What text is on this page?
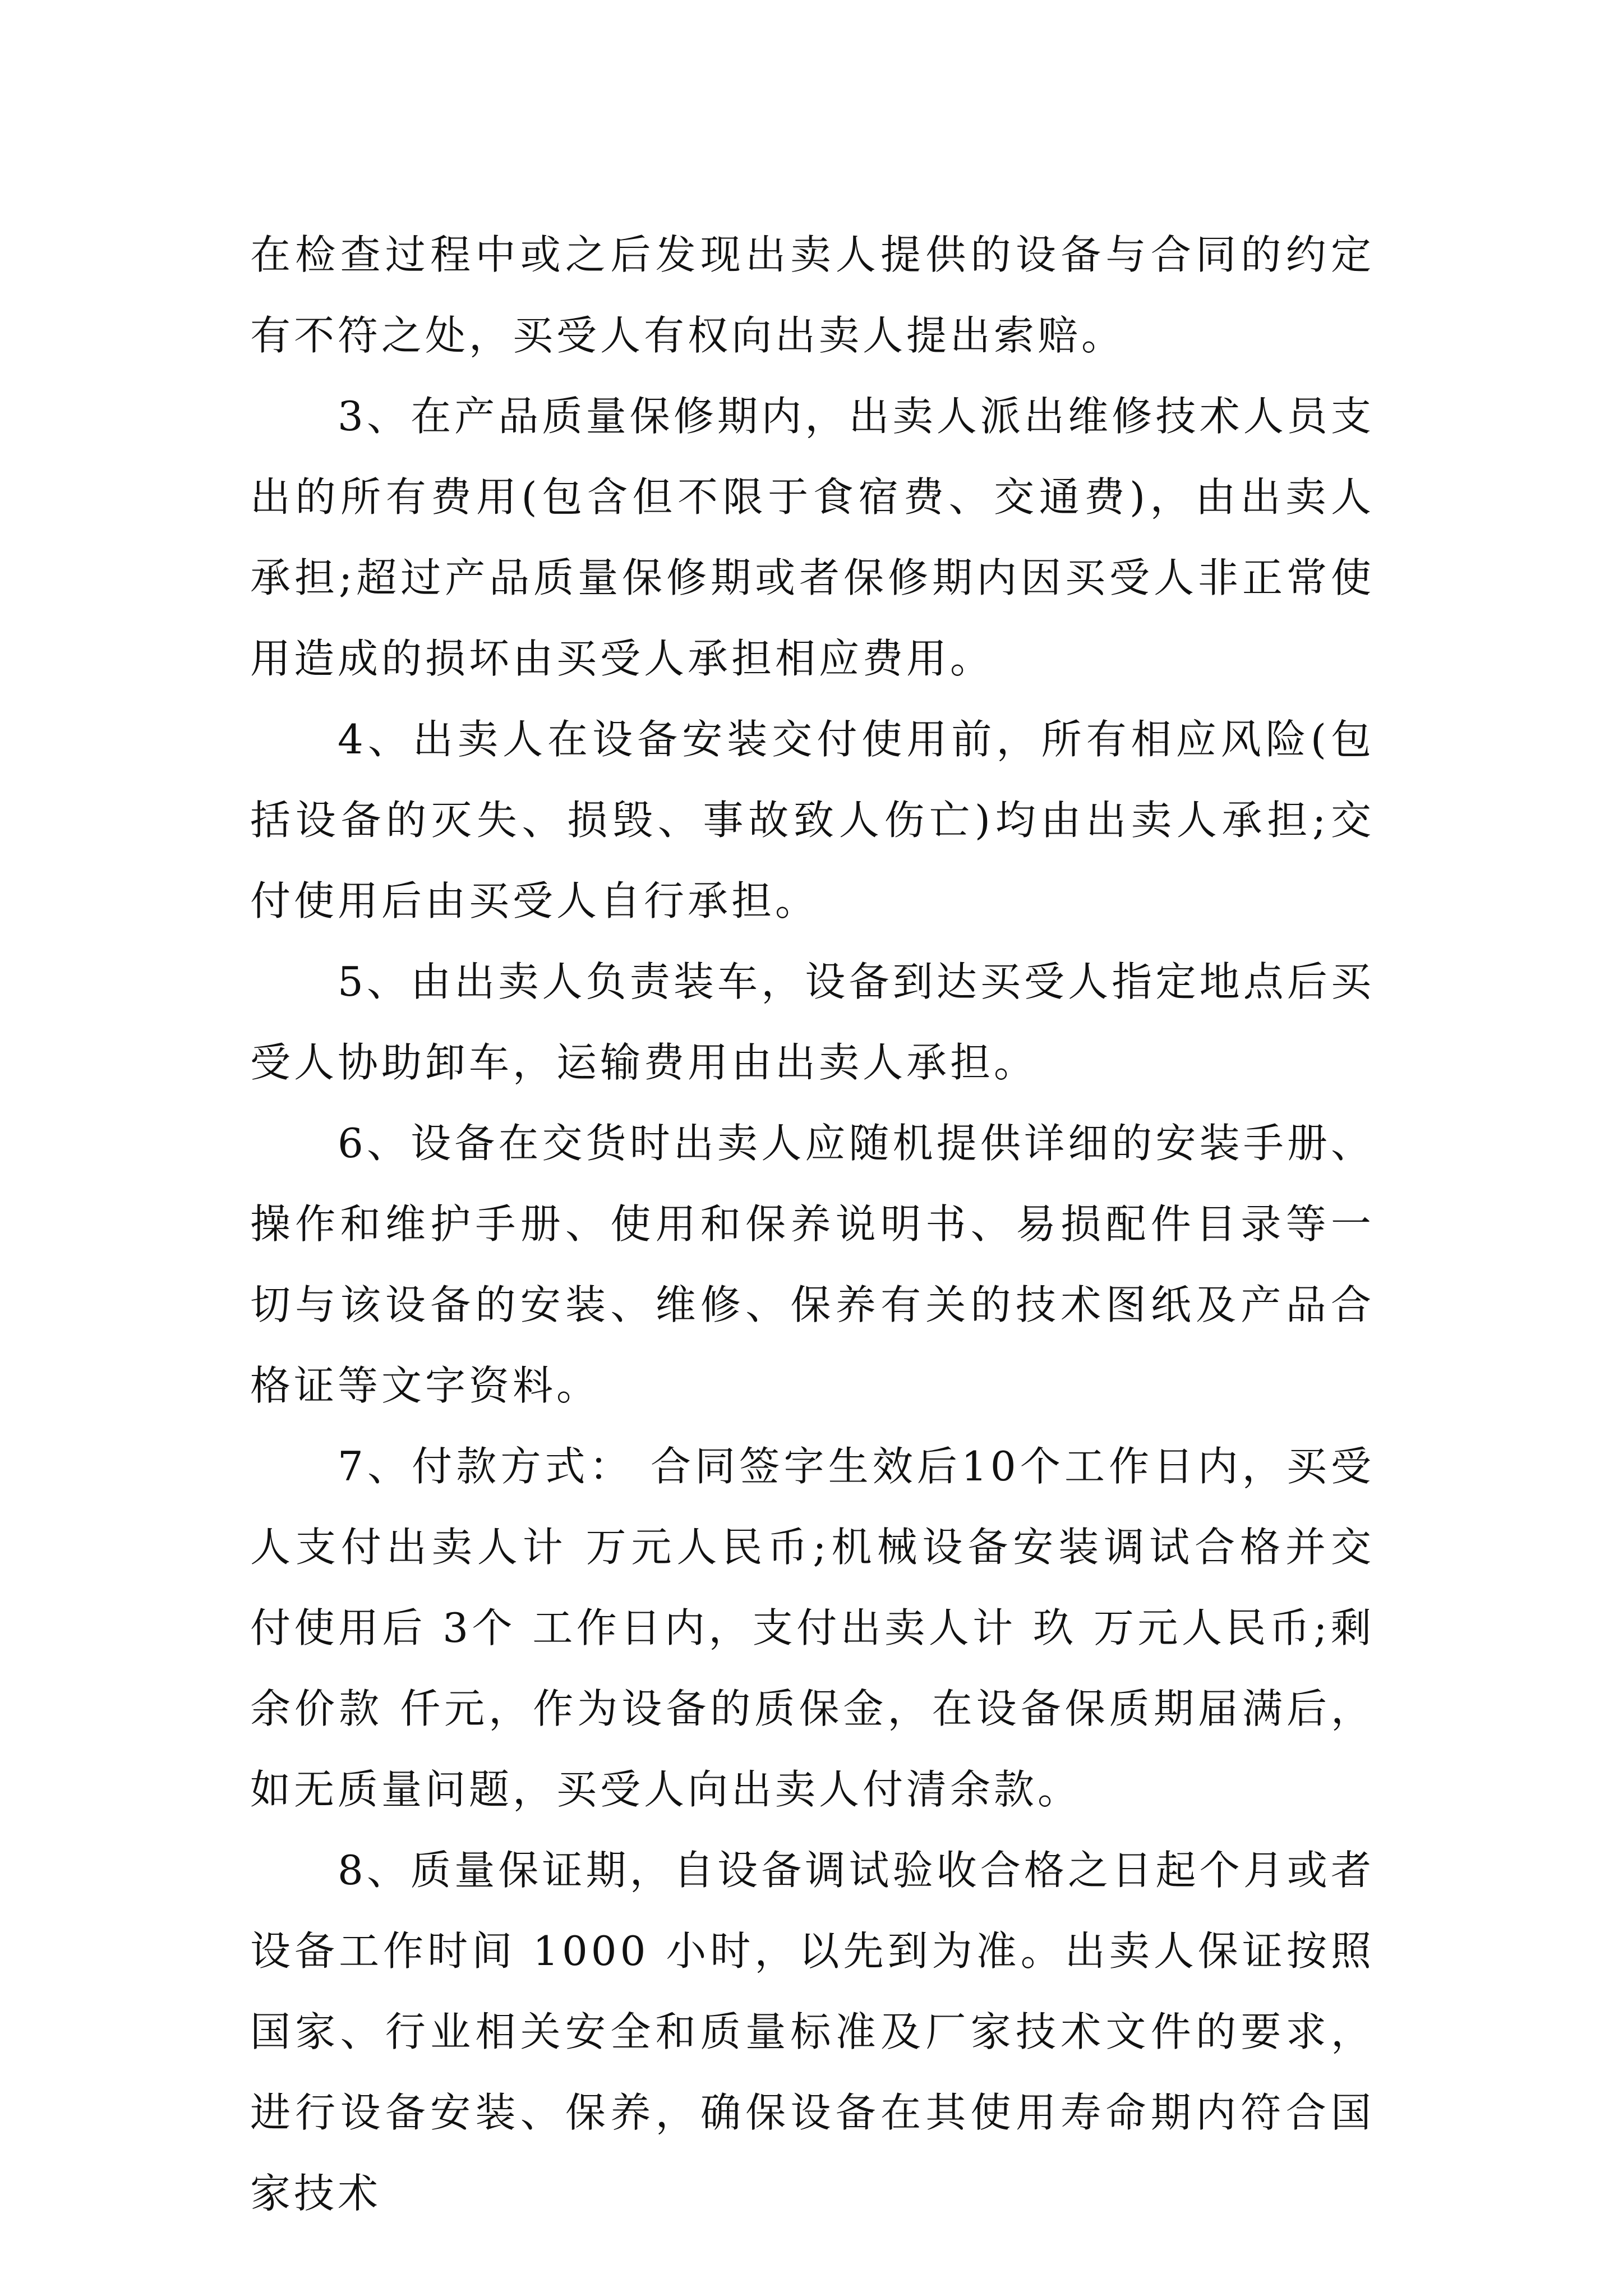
在检查过程中或之后发现出卖人提供的设备与合同的约定有不符之处，买受人有权向出卖人提出索赔。

3、在产品质量保修期内，出卖人派出维修技术人员支出的所有费用(包含但不限于食宿费、交通费)，由出卖人承担;超过产品质量保修期或者保修期内因买受人非正常使用造成的损坏由买受人承担相应费用。

4、出卖人在设备安装交付使用前，所有相应风险(包括设备的灭失、损毁、事故致人伤亡)均由出卖人承担;交付使用后由买受人自行承担。

5、由出卖人负责装车，设备到达买受人指定地点后买受人协助卸车，运输费用由出卖人承担。

6、设备在交货时出卖人应随机提供详细的安装手册、操作和维护手册、使用和保养说明书、易损配件目录等一切与该设备的安装、维修、保养有关的技术图纸及产品合格证等文字资料。

7、付款方式： 合同签字生效后10个工作日内，买受人支付出卖人计 万元人民币;机械设备安装调试合格并交付使用后 3个 工作日内，支付出卖人计 玖 万元人民币;剩余价款 仟元，作为设备的质保金，在设备保质期届满后，如无质量问题，买受人向出卖人付清余款。

8、质量保证期，自设备调试验收合格之日起个月或者设备工作时间 1000 小时，以先到为准。出卖人保证按照国家、行业相关安全和质量标准及厂家技术文件的要求，进行设备安装、保养，确保设备在其使用寿命期内符合国家技术
